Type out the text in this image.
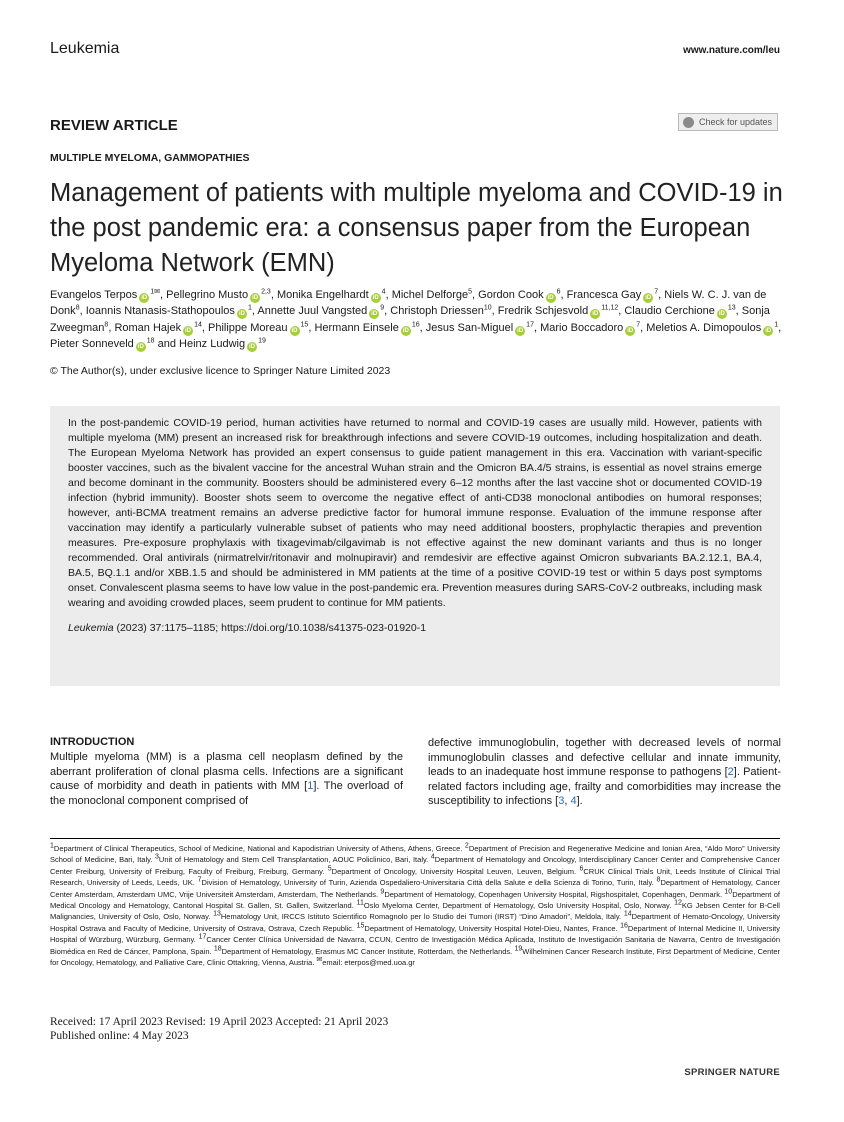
Leukemia	www.nature.com/leu
REVIEW ARTICLE	Check for updates
MULTIPLE MYELOMA, GAMMOPATHIES
Management of patients with multiple myeloma and COVID-19 in the post pandemic era: a consensus paper from the European Myeloma Network (EMN)
Evangelos Terpos $iD^{1✉}$, Pellegrino Musto iD$^{2,3}$, Monika Engelhardt $iD^4$, Michel Delforge$^5$, Gordon Cook $iD^6$, Francesca Gay $iD^7$, Niels W. C. J. van de Donk$^8$, Ioannis Ntanasis-Stathopoulos $iD^1$, Annette Juul Vangsted $iD^9$, Christoph Driessen$^{10}$, Fredrik Schjesvold iD$^{11,12}$, Claudio Cerchione $iD^{13}$, Sonja Zweegman$^8$, Roman Hajek $iD^{14}$, Philippe Moreau $iD^{15}$, Hermann Einsele $iD^{16}$, Jesus San-Miguel $iD^{17}$, Mario Boccadoro $iD^7$, Meletios A. Dimopoulos $iD^1$, Pieter Sonneveld $iD^{18}$ and Heinz Ludwig $iD^{19}$
© The Author(s), under exclusive licence to Springer Nature Limited 2023

In the post-pandemic COVID-19 period, human activities have returned to normal and COVID-19 cases are usually mild. However, patients with multiple myeloma (MM) present an increased risk for breakthrough infections and severe COVID-19 outcomes, including hospitalization and death. The European Myeloma Network has provided an expert consensus to guide patient management in this era. Vaccination with variant-specific booster vaccines, such as the bivalent vaccine for the ancestral Wuhan strain and the Omicron BA.4/5 strains, is essential as novel strains emerge and become dominant in the community. Boosters should be administered every 6–12 months after the last vaccine shot or documented COVID-19 infection (hybrid immunity). Booster shots seem to overcome the negative effect of anti-CD38 monoclonal antibodies on humoral responses; however, anti-BCMA treatment remains an adverse predictive factor for humoral immune response. Evaluation of the immune response after vaccination may identify a particularly vulnerable subset of patients who may need additional boosters, prophylactic therapies and prevention measures. Pre-exposure prophylaxis with tixagevimab/cilgavimab is not effective against the new dominant variants and thus is no longer recommended. Oral antivirals (nirmatrelvir/ritonavir and molnupiravir) and remdesivir are effective against Omicron subvariants BA.2.12.1, BA.4, BA.5, BQ.1.1 and/or XBB.1.5 and should be administered in MM patients at the time of a positive COVID-19 test or within 5 days post symptoms onset. Convalescent plasma seems to have low value in the post-pandemic era. Prevention measures during SARS-CoV-2 outbreaks, including mask wearing and avoiding crowded places, seem prudent to continue for MM patients.

Leukemia (2023) 37:1175–1185; https://doi.org/10.1038/s41375-023-01920-1
INTRODUCTION

Multiple myeloma (MM) is a plasma cell neoplasm defined by the aberrant proliferation of clonal plasma cells. Infections are a significant cause of morbidity and death in patients with MM [1]. The overload of the monoclonal component comprised of

defective immunoglobulin, together with decreased levels of normal immunoglobulin classes and defective cellular and innate immunity, leads to an inadequate host immune response to pathogens [2]. Patient-related factors including age, frailty and comorbidities may increase the susceptibility to infections [3, 4].

$^1$Department of Clinical Therapeutics, School of Medicine, National and Kapodistrian University of Athens, Athens, Greece. $^2$Department of Precision and Regenerative Medicine and Ionian Area, “Aldo Moro” University School of Medicine, Bari, Italy. $^3$Unit of Hematology and Stem Cell Transplantation, AOUC Policlinico, Bari, Italy. $^4$Department of Hematology and Oncology, Interdisciplinary Cancer Center and Comprehensive Cancer Center Freiburg, University of Freiburg, Faculty of Freiburg, Freiburg, Germany. $^5$Department of Oncology, University Hospital Leuven, Leuven, Belgium. $^6$CRUK Clinical Trials Unit, Leeds Institute of Clinical Trial Research, University of Leeds, Leeds, UK. $^7$Division of Hematology, University of Turin, Azienda Ospedaliero-Universitaria Città della Salute e della Scienza di Torino, Turin, Italy. $^8$Department of Hematology, Cancer Center Amsterdam, Amsterdam UMC, Vrije Universiteit Amsterdam, Amsterdam, The Netherlands. $^9$Department of Hematology, Copenhagen University Hospital, Rigshospitalet, Copenhagen, Denmark. $^{10}$Department of Medical Oncology and Hematology, Cantonal Hospital St. Gallen, St. Gallen, Switzerland. $^{11}$Oslo Myeloma Center, Department of Hematology, Oslo University Hospital, Oslo, Norway. $^{12}$KG Jebsen Center for B-Cell Malignancies, University of Oslo, Oslo, Norway. $^{13}$Hematology Unit, IRCCS Istituto Scientifico Romagnolo per lo Studio dei Tumori (IRST) “Dino Amadori”, Meldola, Italy. $^{14}$Department of Hemato-Oncology, University Hospital Ostrava and Faculty of Medicine, University of Ostrava, Ostrava, Czech Republic. $^{15}$Department of Hematology, University Hospital Hotel-Dieu, Nantes, France. $^{16}$Department of Internal Medicine II, University Hospital of Würzburg, Würzburg, Germany. $^{17}$Cancer Center Clínica Universidad de Navarra, CCUN, Centro de Investigación Médica Aplicada, Instituto de Investigación Sanitaria de Navarra, Centro de Investigación Biomédica en Red de Cáncer, Pamplona, Spain. $^{18}$Department of Hematology, Erasmus MC Cancer Institute, Rotterdam, the Netherlands. $^{19}$Wilhelminen Cancer Research Institute, First Department of Medicine, Center for Oncology, Hematology, and Palliative Care, Clinic Ottakring, Vienna, Austria. ✉email: eterpos@med.uoa.gr

Received: 17 April 2023 Revised: 19 April 2023 Accepted: 21 April 2023
Published online: 4 May 2023
SPRINGER NATURE
